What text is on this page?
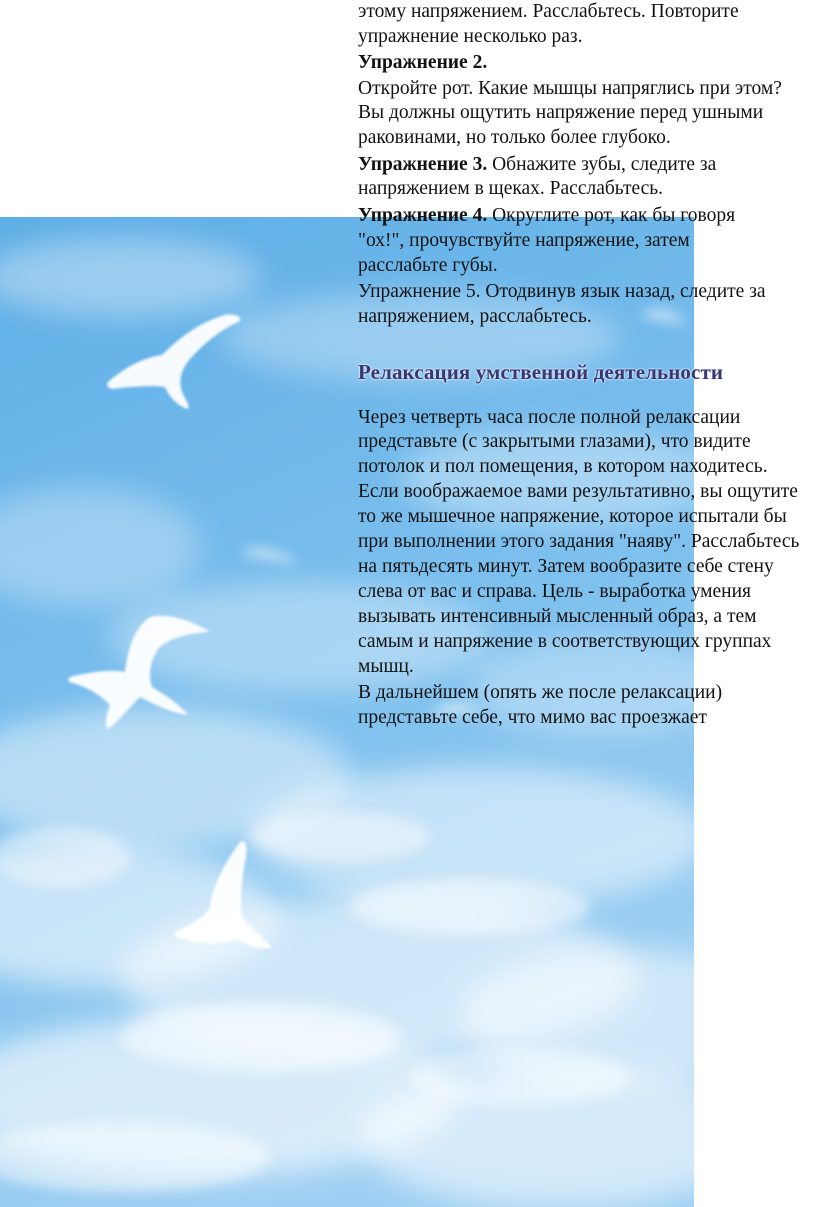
этому напряжением. Расслабьтесь. Повторите
упражнение несколько раз.
Упражнение 2.
Откройте рот. Какие мышцы напряглись при этом?
Вы должны ощутить напряжение перед ушными
раковинами, но только более глубоко.
Упражнение 3. Обнажите зубы, следите за
напряжением в щеках. Расслабьтесь.
Упражнение 4. Округлите рот, как бы говоря
"ох!", прочувствуйте напряжение, затем
расслабьте губы.
Упражнение 5. Отодвинув язык назад, следите за
напряжением, расслабьтесь.
Релаксация умственной деятельности
Через четверть часа после полной релаксации
представьте (с закрытыми глазами), что видите
потолок и пол помещения, в котором находитесь.
Если воображаемое вами результативно, вы ощутите
то же мышечное напряжение, которое испытали бы
при выполнении этого задания "наяву". Расслабьтесь
на пятьдесять минут. Затем вообразите себе стену
слева от вас и справа. Цель - выработка умения
вызывать интенсивный мысленный образ, а тем
самым и напряжение в соответствующих группах
мышц.
В дальнейшем (опять же после релаксации)
представьте себе, что мимо вас проезжает
